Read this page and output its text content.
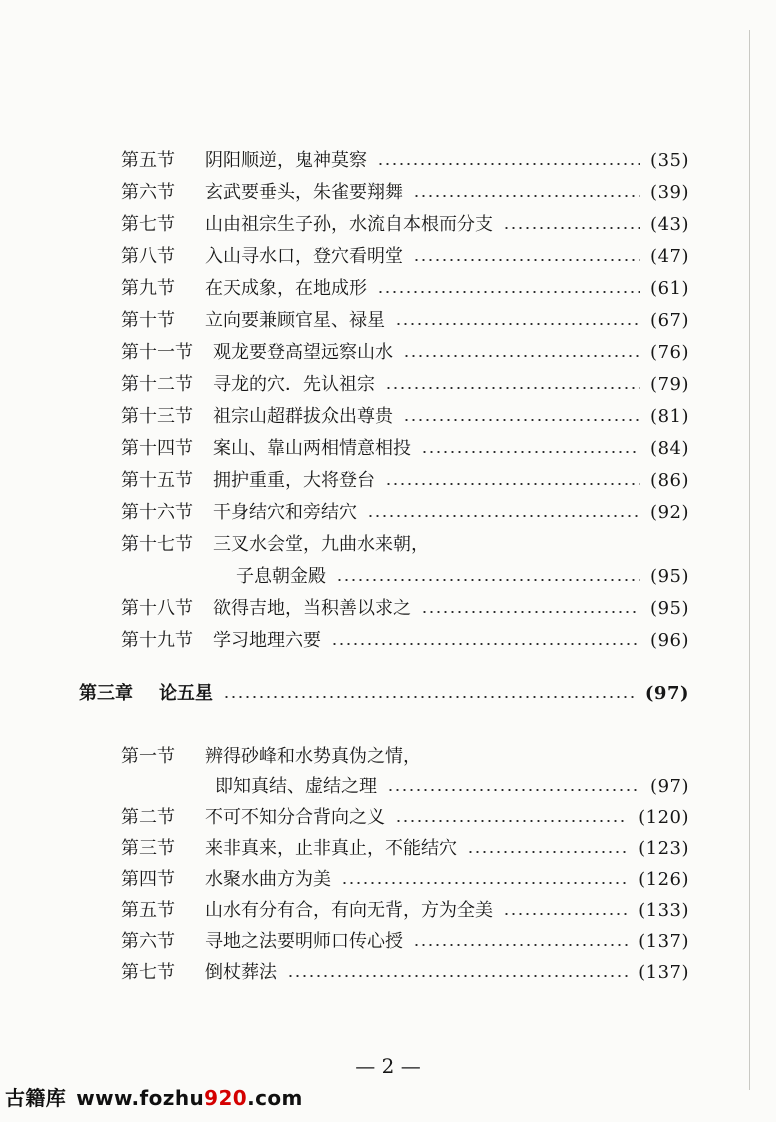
第五节 阴阳顺逆，鬼神莫察	(35)
第六节 玄武要垂头，朱雀要翔舞	(39)
第七节 山由祖宗生子孙，水流自本根而分支	(43)
第八节 入山寻水口，登穴看明堂	(47)
第九节 在天成象，在地成形	(61)
第十节 立向要兼顾官星、禄星	(67)
第十一节 观龙要登高望远察山水	(76)
第十二节 寻龙的穴．先认祖宗	(79)
第十三节 祖宗山超群拔众出尊贵	(81)
第十四节 案山、靠山两相情意相投	(84)
第十五节 拥护重重，大将登台	(86)
第十六节 干身结穴和旁结穴	(92)
第十七节 三叉水会堂，九曲水来朝，
子息朝金殿	(95)
第十八节 欲得吉地，当积善以求之	(95)
第十九节 学习地理六要	(96)
第三章 论五星	(97)
第一节 辨得砂峰和水势真伪之情，
即知真结、虚结之理	(97)
第二节 不可不知分合背向之义	(120)
第三节 来非真来，止非真止，不能结穴	(123)
第四节 水聚水曲方为美	(126)
第五节 山水有分有合，有向无背，方为全美	(133)
第六节 寻地之法要明师口传心授	(137)
第七节 倒杖葬法	(137)
— 2 —
古籍库 www.fozhu920.com
